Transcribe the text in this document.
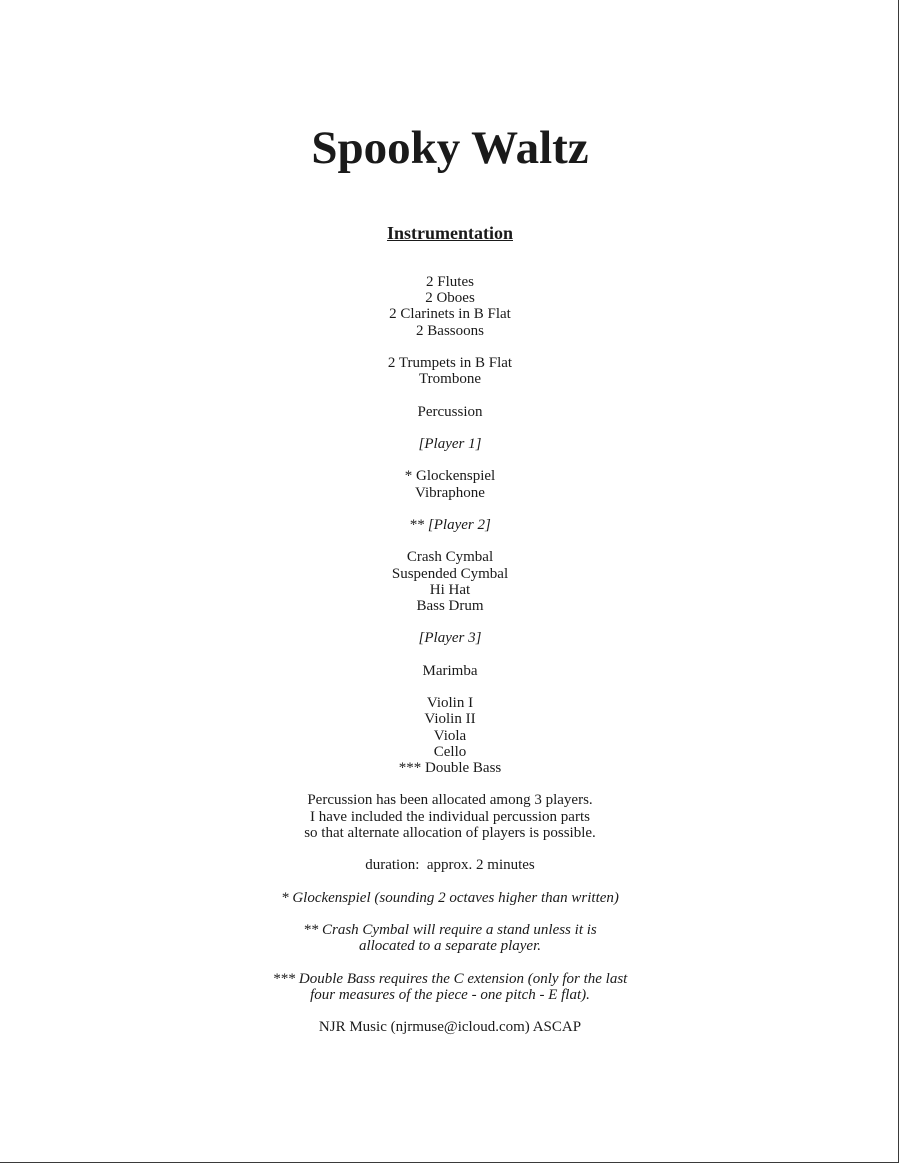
Spooky Waltz
Instrumentation
2 Flutes
2 Oboes
2 Clarinets in B Flat
2 Bassoons
2 Trumpets in B Flat
Trombone
Percussion
[Player 1]
* Glockenspiel
Vibraphone
** [Player 2]
Crash Cymbal
Suspended Cymbal
Hi Hat
Bass Drum
[Player 3]
Marimba
Violin I
Violin II
Viola
Cello
*** Double Bass
Percussion has been allocated among 3 players.
I have included the individual percussion parts
so that alternate allocation of players is possible.
duration:  approx. 2 minutes
* Glockenspiel (sounding 2 octaves higher than written)
** Crash Cymbal will require a stand unless it is
allocated to a separate player.
*** Double Bass requires the C extension (only for the last
four measures of the piece - one pitch - E flat).
NJR Music (njrmuse@icloud.com) ASCAP
